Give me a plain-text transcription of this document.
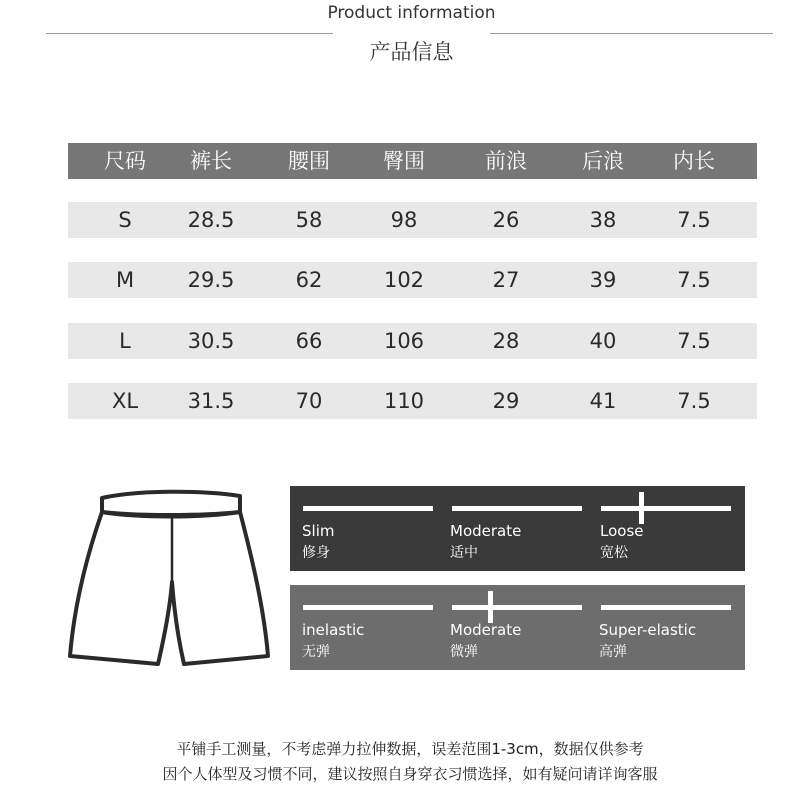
Product information
产品信息
尺码	裤长	腰围	臀围	前浪	后浪	内长
S	28.5	58	98	26	38	7.5
M	29.5	62	102	27	39	7.5
L	30.5	66	106	28	40	7.5
XL	31.5	70	110	29	41	7.5
Slim
修身
Moderate
适中
Loose
宽松
inelastic
无弹
Moderate
微弹
Super-elastic
高弹
平铺手工测量，不考虑弹力拉伸数据，误差范围1-3cm，数据仅供参考
因个人体型及习惯不同，建议按照自身穿衣习惯选择，如有疑问请详询客服
